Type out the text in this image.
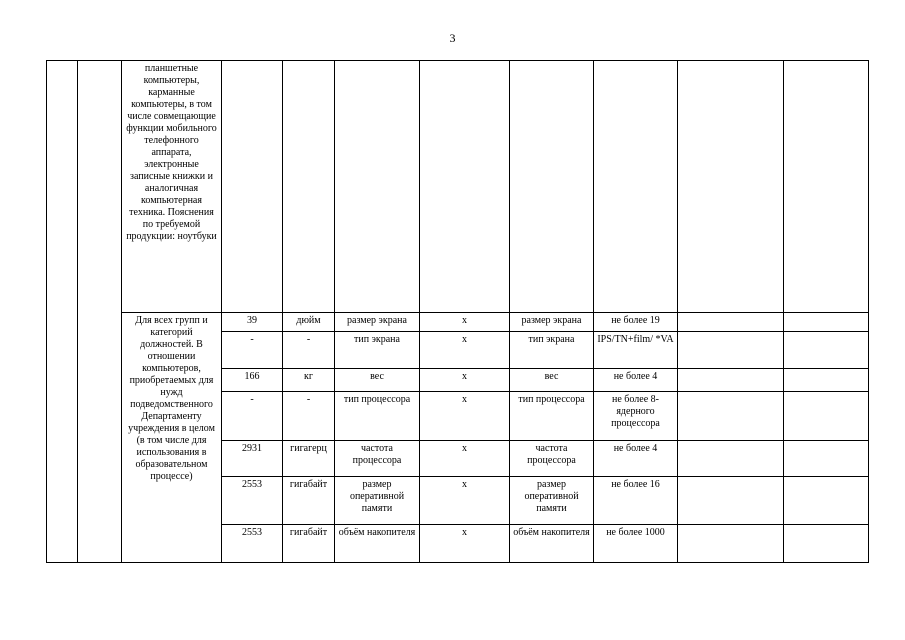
3
		планшетные компьютеры, карманные компьютеры, в том числе совмещающие функции мобильного телефонного аппарата, электронные записные книжки и аналогичная компьютерная техника. Пояснения по требуемой продукции: ноутбуки								
		Для всех групп и категорий должностей. В отношении компьютеров, приобретаемых для нужд подведомственного Департаменту учреждения в целом (в том числе для использования в образовательном процессе)	39	дюйм	размер экрана	x	размер экрана	не более 19		
			-	-	тип экрана	x	тип экрана	IPS/TN+film/ *VA		
			166	кг	вес	x	вес	не более 4		
			-	-	тип процессора	x	тип процессора	не более 8- ядерного процессора		
			2931	гигагерц	частота процессора	x	частота процессора	не более 4		
			2553	гигабайт	размер оперативной памяти	x	размер оперативной памяти	не более 16		
			2553	гигабайт	объём накопителя	x	объём накопителя	не более 1000		
